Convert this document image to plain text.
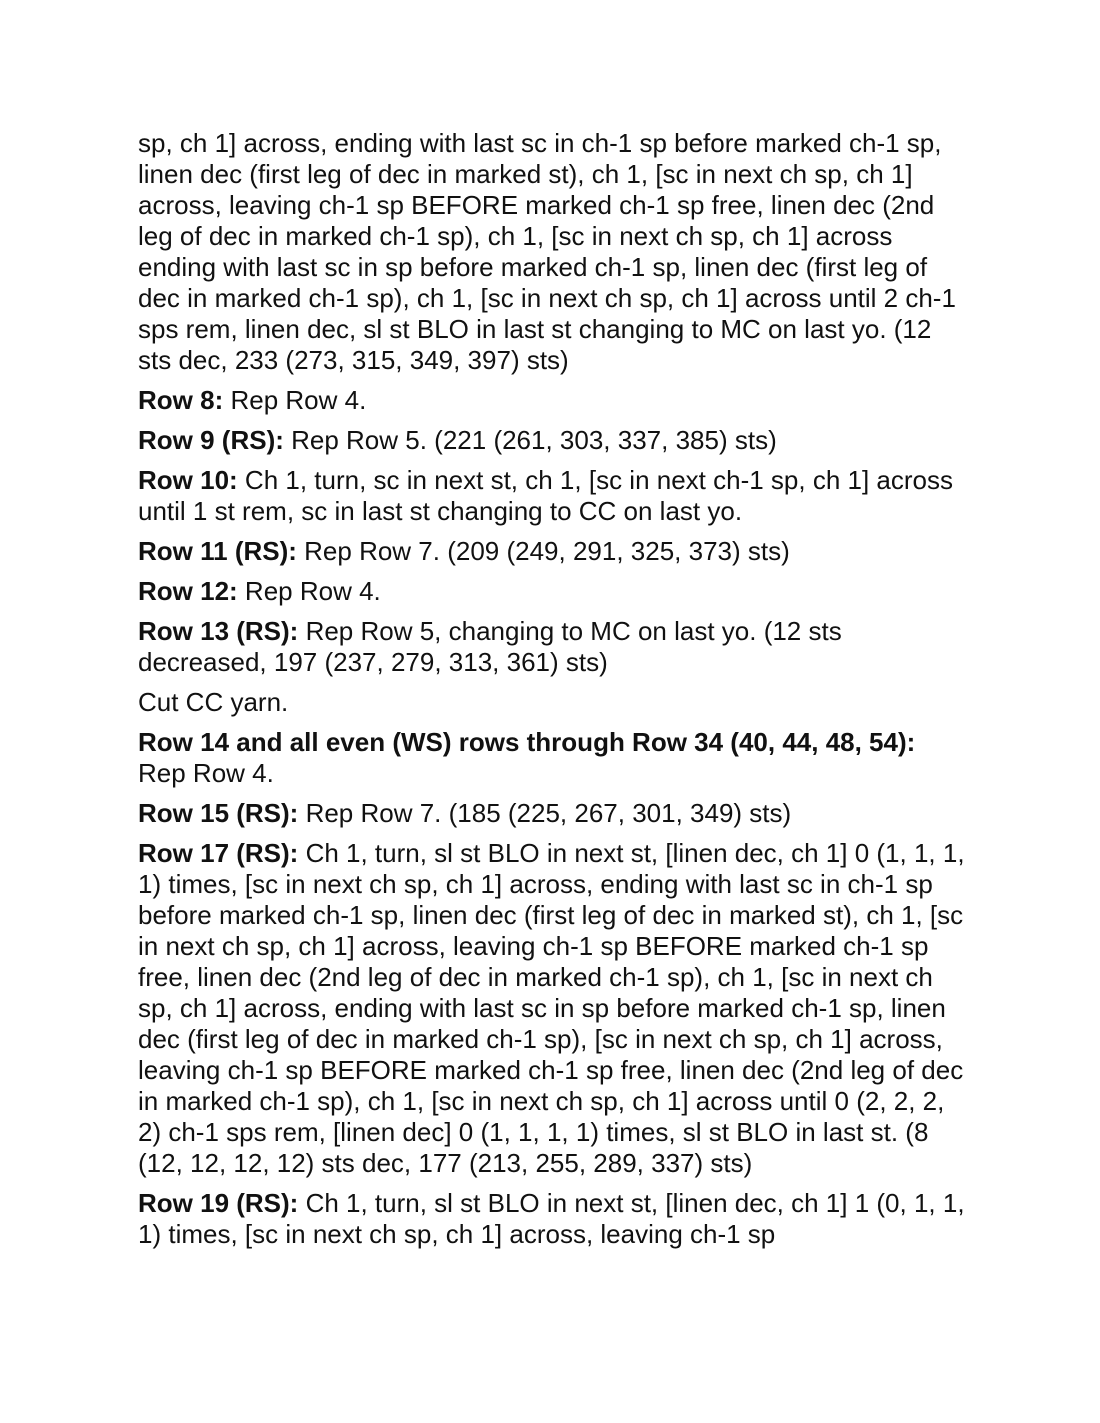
sp, ch 1] across, ending with last sc in ch-1 sp before marked ch-1 sp, linen dec (first leg of dec in marked st), ch 1, [sc in next ch sp, ch 1] across, leaving ch-1 sp BEFORE marked ch-1 sp free, linen dec (2nd leg of dec in marked ch-1 sp), ch 1, [sc in next ch sp, ch 1] across ending with last sc in sp before marked ch-1 sp, linen dec (first leg of dec in marked ch-1 sp), ch 1, [sc in next ch sp, ch 1] across until 2 ch-1 sps rem, linen dec, sl st BLO in last st changing to MC on last yo. (12 sts dec, 233 (273, 315, 349, 397) sts)

Row 8: Rep Row 4.

Row 9 (RS): Rep Row 5. (221 (261, 303, 337, 385) sts)

Row 10: Ch 1, turn, sc in next st, ch 1, [sc in next ch-1 sp, ch 1] across until 1 st rem, sc in last st changing to CC on last yo.

Row 11 (RS): Rep Row 7. (209 (249, 291, 325, 373) sts)

Row 12: Rep Row 4.

Row 13 (RS): Rep Row 5, changing to MC on last yo. (12 sts decreased, 197 (237, 279, 313, 361) sts)

Cut CC yarn.

Row 14 and all even (WS) rows through Row 34 (40, 44, 48, 54): Rep Row 4.

Row 15 (RS): Rep Row 7. (185 (225, 267, 301, 349) sts)

Row 17 (RS): Ch 1, turn, sl st BLO in next st, [linen dec, ch 1] 0 (1, 1, 1, 1) times, [sc in next ch sp, ch 1] across, ending with last sc in ch-1 sp before marked ch-1 sp, linen dec (first leg of dec in marked st), ch 1, [sc in next ch sp, ch 1] across, leaving ch-1 sp BEFORE marked ch-1 sp free, linen dec (2nd leg of dec in marked ch-1 sp), ch 1, [sc in next ch sp, ch 1] across, ending with last sc in sp before marked ch-1 sp, linen dec (first leg of dec in marked ch-1 sp), [sc in next ch sp, ch 1] across, leaving ch-1 sp BEFORE marked ch-1 sp free, linen dec (2nd leg of dec in marked ch-1 sp), ch 1, [sc in next ch sp, ch 1] across until 0 (2, 2, 2, 2) ch-1 sps rem, [linen dec] 0 (1, 1, 1, 1) times, sl st BLO in last st. (8 (12, 12, 12, 12) sts dec, 177 (213, 255, 289, 337) sts)

Row 19 (RS): Ch 1, turn, sl st BLO in next st, [linen dec, ch 1] 1 (0, 1, 1, 1) times, [sc in next ch sp, ch 1] across, leaving ch-1 sp
